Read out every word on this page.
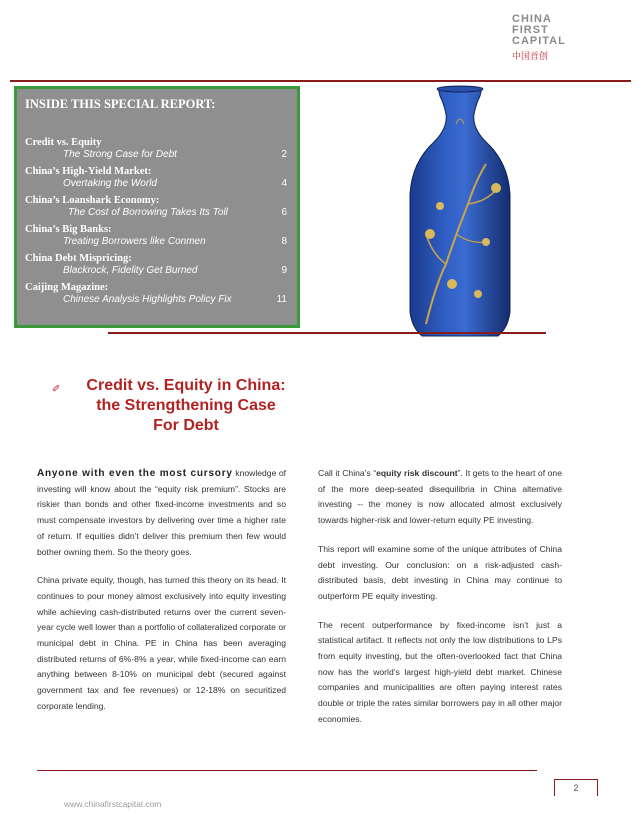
CHINA
FIRST
CAPITAL
中国首创
INSIDE THIS SPECIAL REPORT:
Credit vs. Equity
The Strong Case for Debt	2
China’s High-Yield Market:
Overtaking the World	4
China’s Loanshark Economy:
The Cost of Borrowing Takes Its Toll	6
China’s Big Banks:
Treating Borrowers like Conmen	8
China Debt Mispricing:
Blackrock, Fidelity Get Burned	9
Caijing Magazine:
Chinese Analysis Highlights Policy Fix	11
✐	Credit vs. Equity in China:
the Strengthening Case
For Debt

Anyone with even the most cursory knowledge of investing will know about the “equity risk premium”. Stocks are riskier than bonds and other fixed-income investments and so must compensate investors by delivering over time a higher rate of return. If equities didn’t deliver this premium then few would bother owning them. So the theory goes.

China private equity, though, has turned this theory on its head. It continues to pour money almost exclusively into equity investing while achieving cash-distributed returns over the current seven-year cycle well lower than a portfolio of collateralized corporate or municipal debt in China. PE in China has been averaging distributed returns of 6%-8% a year, while fixed-income can earn anything between 8-10% on municipal debt (secured against government tax and fee revenues) or 12-18% on securitized corporate lending.

Call it China’s “equity risk discount”. It gets to the heart of one of the more deep-seated disequilibria in China alternative investing -- the money is now allocated almost exclusively towards higher-risk and lower-return equity PE investing.

This report will examine some of the unique attributes of China debt investing. Our conclusion: on a risk-adjusted cash-distributed basis, debt investing in China may continue to outperform PE equity investing.

The recent outperformance by fixed-income isn’t just a statistical artifact. It reflects not only the low distributions to LPs from equity investing, but the often-overlooked fact that China now has the world’s largest high-yield debt market. Chinese companies and municipalities are often paying interest rates double or triple the rates similar borrowers pay in all other major economies.

2
www.chinafirstcapital.com
